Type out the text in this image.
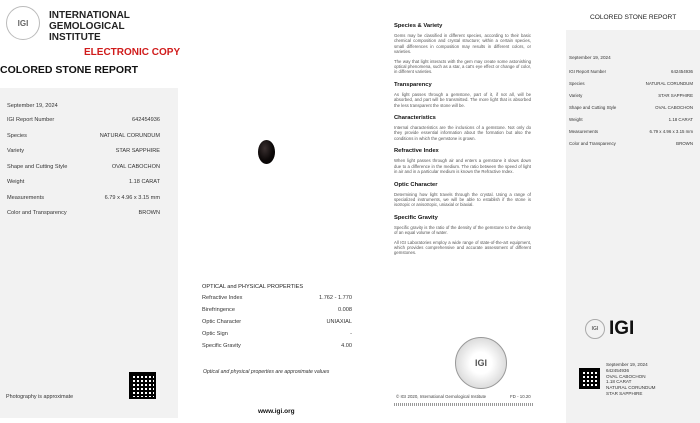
IGI
INTERNATIONAL
GEMOLOGICAL
INSTITUTE
ELECTRONIC COPY
COLORED STONE REPORT
September 19, 2024
IGI Report Number	642454936
Species	NATURAL CORUNDUM
Variety	STAR SAPPHIRE
Shape and Cutting Style	OVAL CABOCHON
Weight	1.18 CARAT
Measurements	6.79 x 4.96 x 3.15 mm
Color and Transparency	BROWN
Photography is approximate
OPTICAL and PHYSICAL PROPERTIES
Refractive Index	1.762 - 1.770
Birefringence	0.008
Optic Character	UNIAXIAL
Optic Sign	-
Specific Gravity	4.00
Optical and physical properties are approximate values
www.igi.org
Species & Variety
Gems may be classified in different species, according to their basic chemical composition and crystal structure; within a certain species, small differences in composition may results in different colors, or varieties.
The way that light interacts with the gem may create some astonishing optical phenomena, such as a star, a cat's eye effect or change of color, in different varieties.
Transparency
As light passes through a gemstone, part of it, if not all, will be absorbed, and part will be transmitted. The more light that is absorbed the less transparent the stone will be.
Characteristics
Internal characteristics are the inclusions of a gemstone. Not only do they provide essential information about the formation but also the conditions in which the gemstone is grown.
Refractive Index
When light passes through air and enters a gemstone it slows down due to a difference in the medium. The ratio between the speed of light in air and in a particular medium is known the Refractive Index.
Optic Character
Determining how light travels through the crystal. Using a range of specialized instruments, we will be able to establish if the stone is isotropic or anisotropic, uniaxial or biaxial.
Specific Gravity
Specific gravity is the ratio of the density of the gemstone to the density of an equal volume of water.
All IGI Laboratories employ a wide range of state-of-the-art equipment, which provides comprehensive and accurate assessment of different gemstones.
IGI
© IGI 2020, International Gemological Institute	FD - 10.20
COLORED STONE REPORT
September 19, 2024
IGI Report Number	642454936
Species	NATURAL CORUNDUM
Variety	STAR SAPPHIRE
Shape and Cutting Style	OVAL CABOCHON
Weight	1.18 CARAT
Measurements	6.79 x 4.96 x 3.15 mm
Color and Transparency	BROWN
IGI IGI
September 19, 2024
642454936
OVAL CABOCHON
1.18 CARAT
NATURAL CORUNDUM
STAR SAPPHIRE
